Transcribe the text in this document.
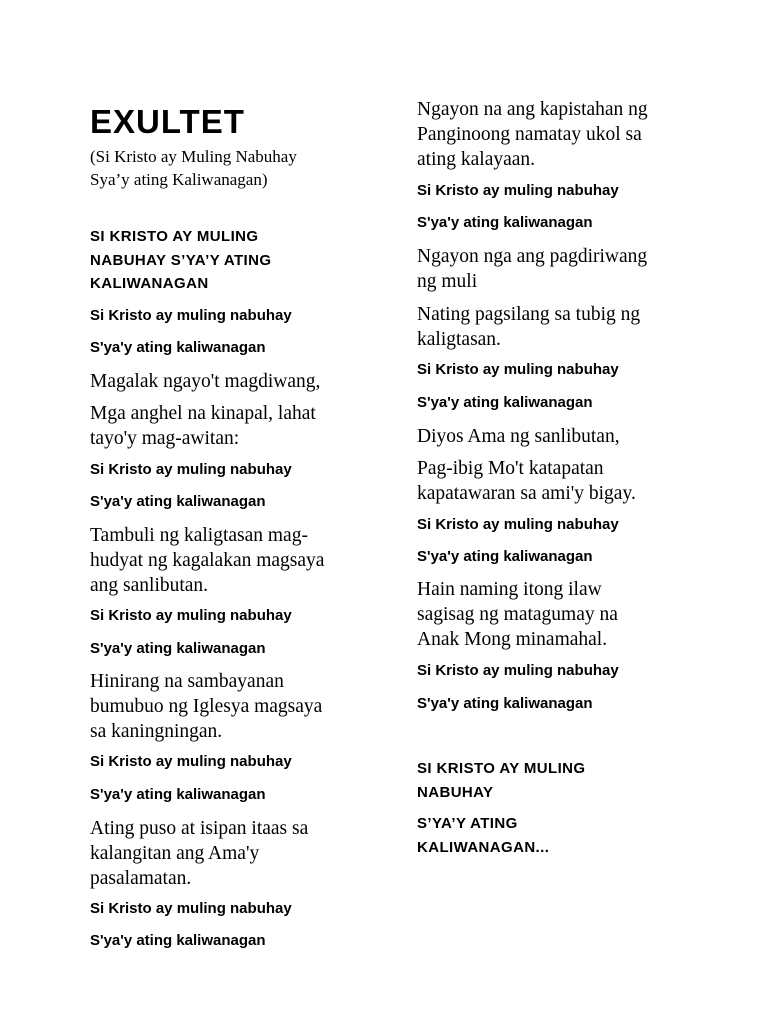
EXULTET
(Si Kristo ay Muling Nabuhay
Sya’y ating Kaliwanagan)
SI KRISTO AY MULING
NABUHAY S’YA’Y ATING
KALIWANAGAN
Si Kristo ay muling nabuhay
S'ya'y ating kaliwanagan
Magalak ngayo't magdiwang,
Mga anghel na kinapal, lahat
tayo'y mag-awitan:
Si Kristo ay muling nabuhay
S'ya'y ating kaliwanagan
Tambuli ng kaligtasan mag-
hudyat ng kagalakan magsaya
ang sanlibutan.
Si Kristo ay muling nabuhay
S'ya'y ating kaliwanagan
Hinirang na sambayanan
bumubuo ng Iglesya magsaya
sa kaningningan.
Si Kristo ay muling nabuhay
S'ya'y ating kaliwanagan
Ating puso at isipan itaas sa
kalangitan ang Ama'y
pasalamatan.
Si Kristo ay muling nabuhay
S'ya'y ating kaliwanagan
Ngayon na ang kapistahan ng
Panginoong namatay ukol sa
ating kalayaan.
Si Kristo ay muling nabuhay
S'ya'y ating kaliwanagan
Ngayon nga ang pagdiriwang
ng muli
Nating pagsilang sa tubig ng
kaligtasan.
Si Kristo ay muling nabuhay
S'ya'y ating kaliwanagan
Diyos Ama ng sanlibutan,
Pag-ibig Mo't katapatan
kapatawaran sa ami'y bigay.
Si Kristo ay muling nabuhay
S'ya'y ating kaliwanagan
Hain naming itong ilaw
sagisag ng matagumay na
Anak Mong minamahal.
Si Kristo ay muling nabuhay
S'ya'y ating kaliwanagan
SI KRISTO AY MULING
NABUHAY
S’YA’Y ATING
KALIWANAGAN...
